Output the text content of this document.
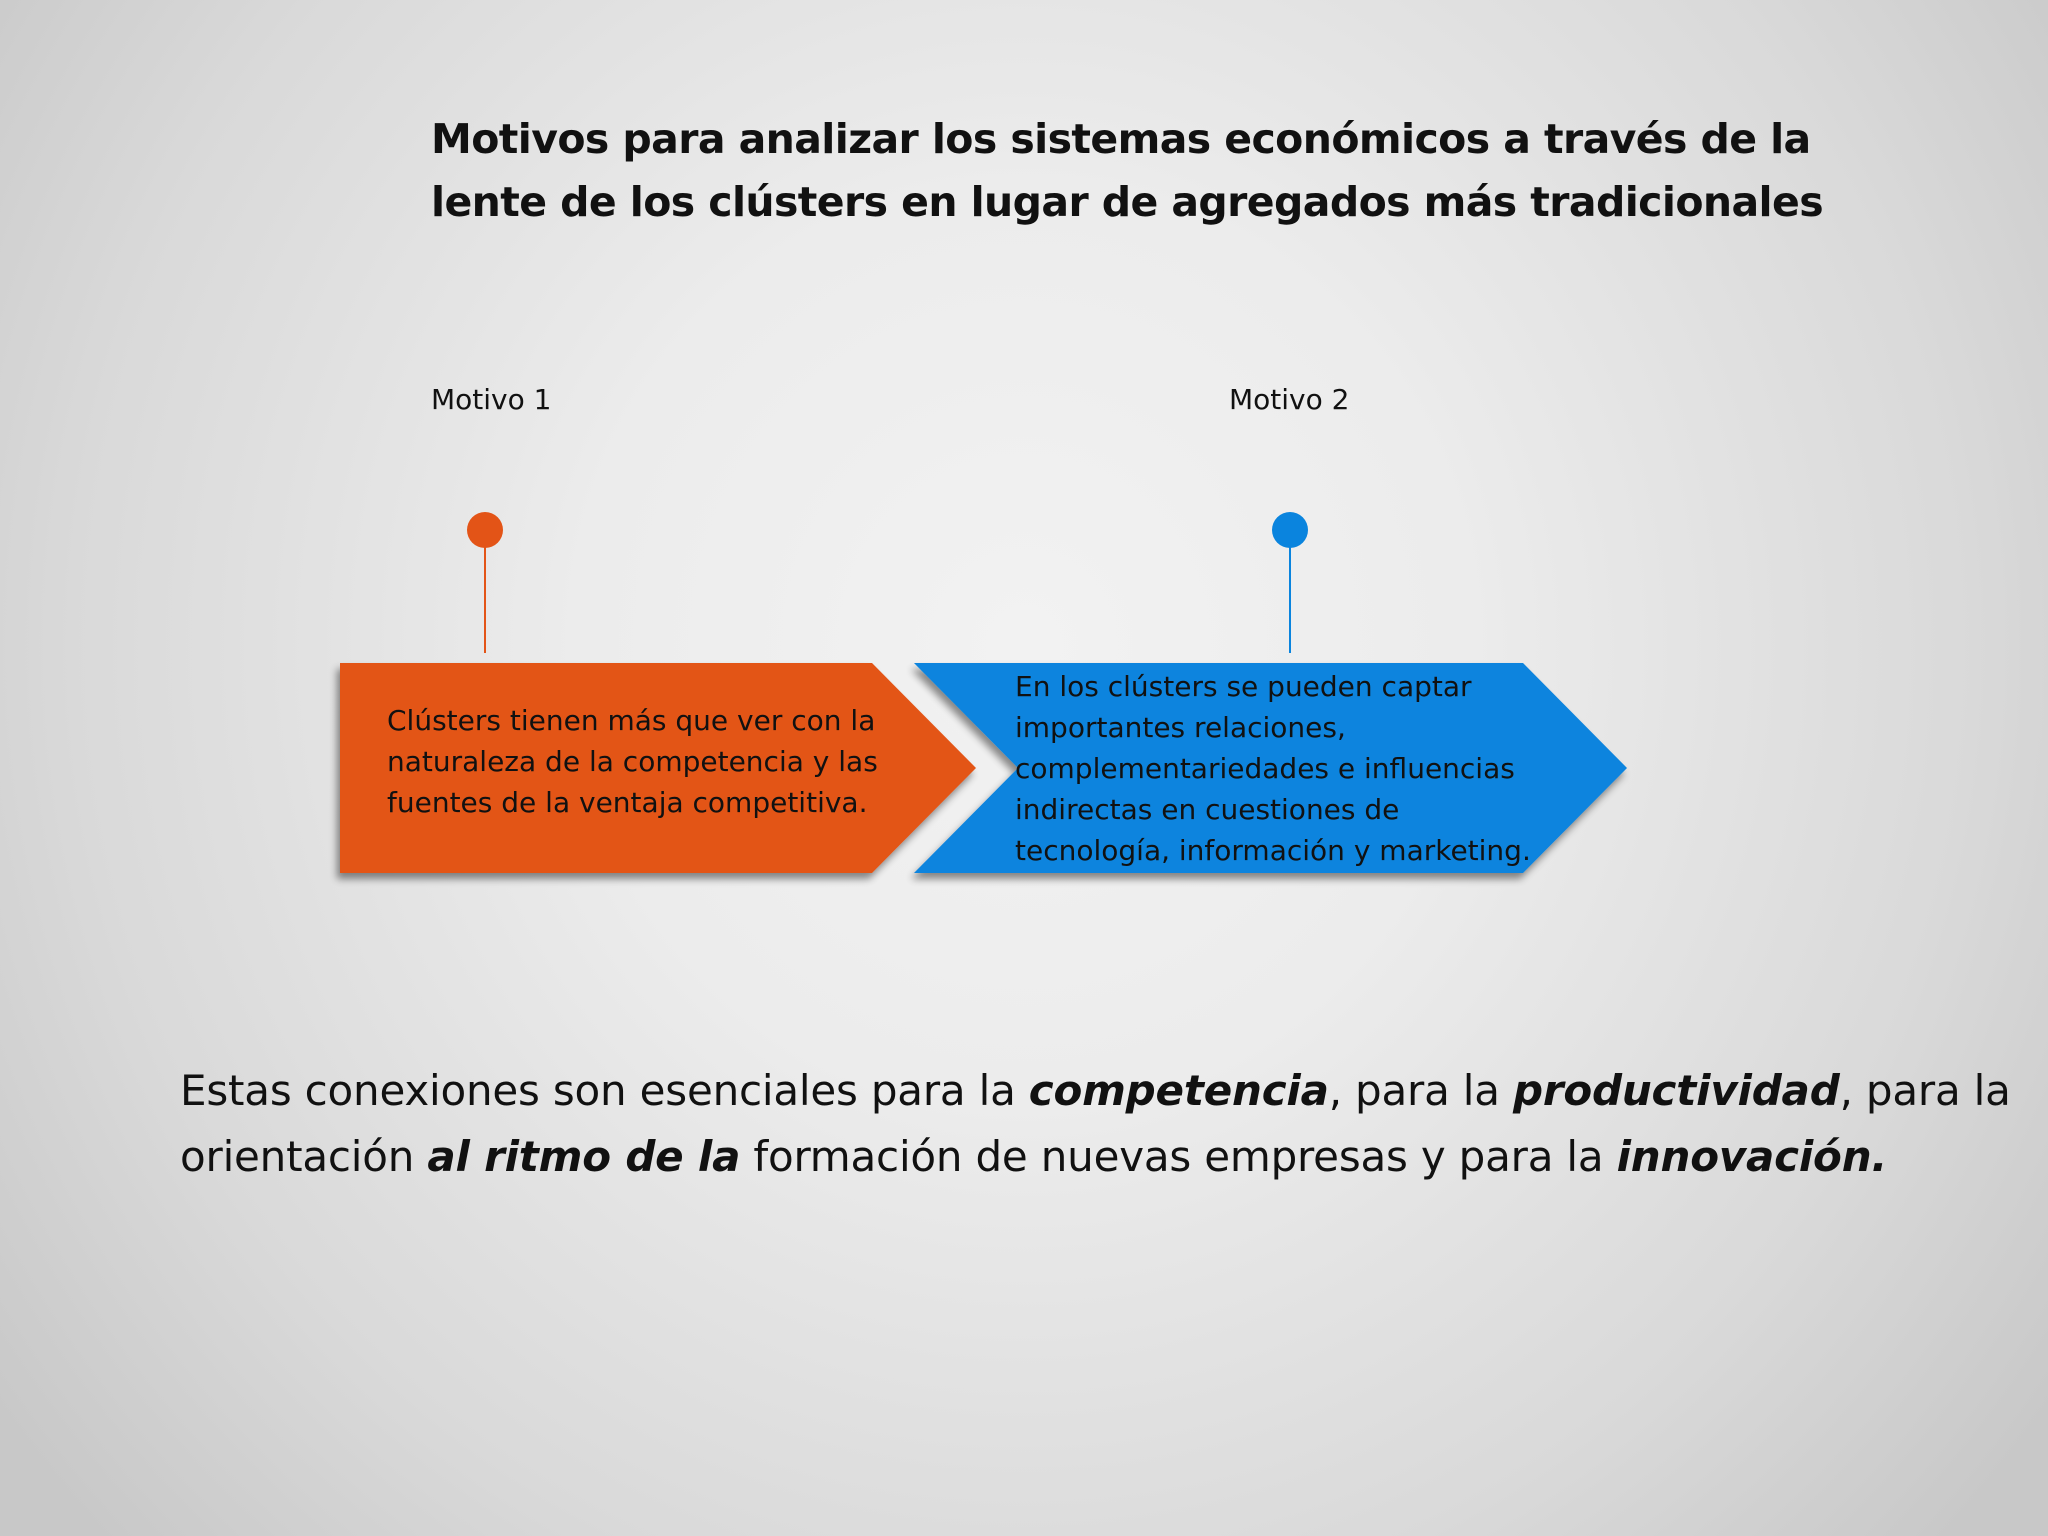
Motivos para analizar los sistemas económicos a través de la
lente de los clústers en lugar de agregados más tradicionales
Motivo 1	Motivo 2
Clústers tienen más que ver con la
naturaleza de la competencia y las
fuentes de la ventaja competitiva.
En los clústers se pueden captar
importantes relaciones,
complementariedades e influencias
indirectas en cuestiones de
tecnología, información y marketing.

Estas conexiones son esenciales para la competencia, para la productividad, para la
orientación al ritmo de la formación de nuevas empresas y para la innovación.
